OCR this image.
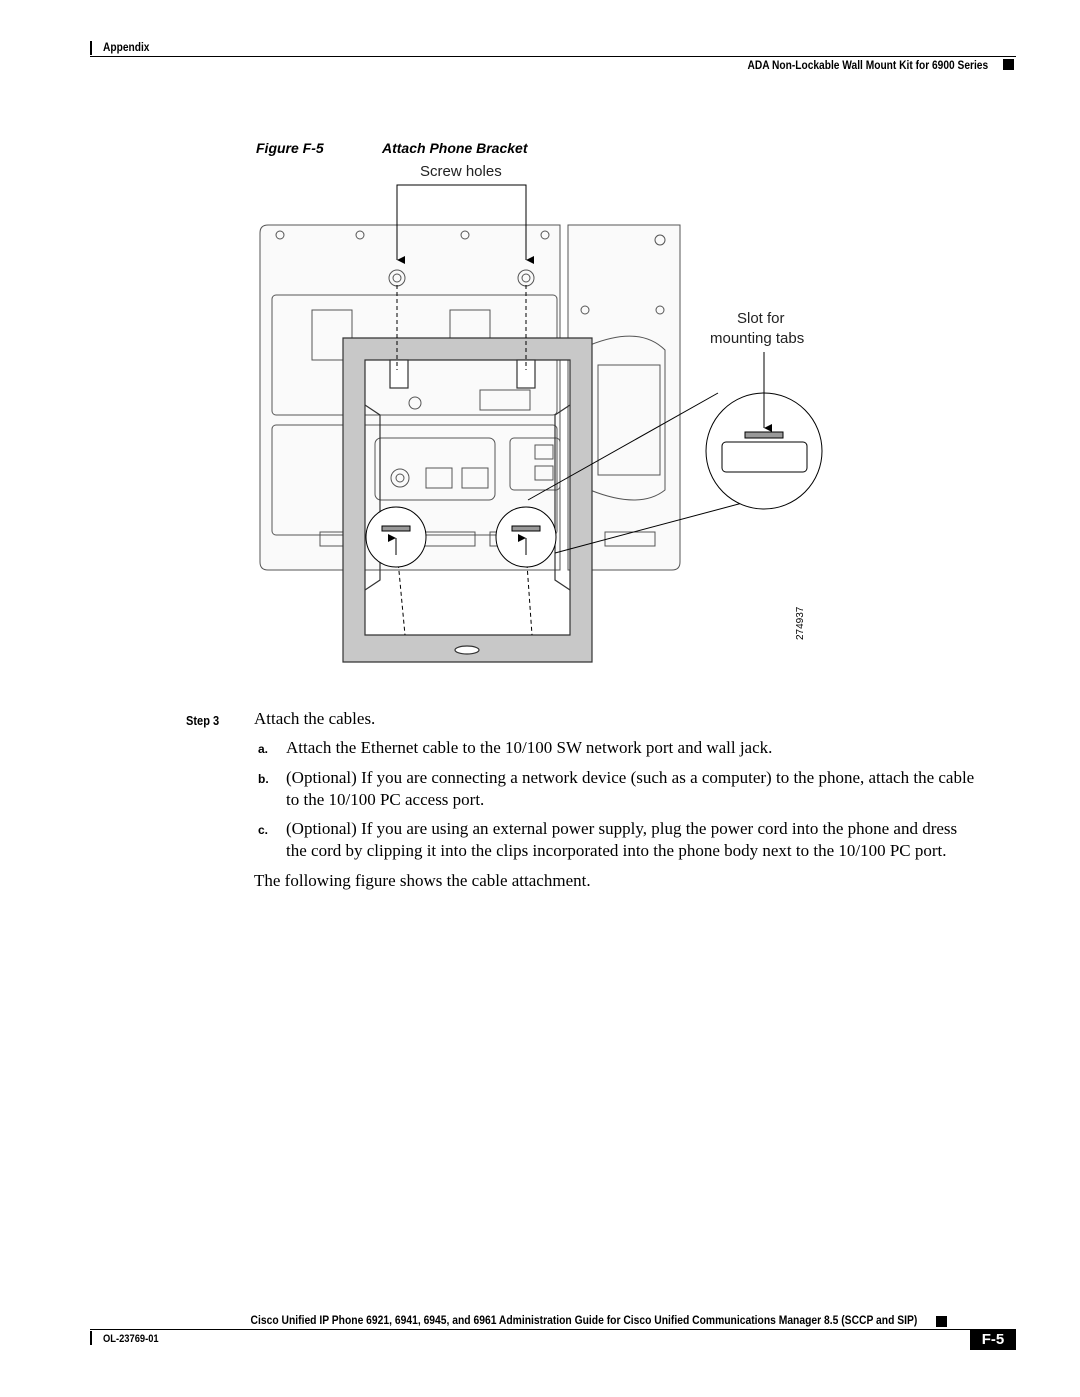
Appendix
ADA Non-Lockable Wall Mount Kit for 6900 Series
Figure F-5	Attach Phone Bracket
Screw holes
Slot for
mounting tabs
274937
Step 3 Attach the cables.
a. Attach the Ethernet cable to the 10/100 SW network port and wall jack.
b. (Optional) If you are connecting a network device (such as a computer) to the phone, attach the cable
to the 10/100 PC access port.
c. (Optional) If you are using an external power supply, plug the power cord into the phone and dress
the cord by clipping it into the clips incorporated into the phone body next to the 10/100 PC port.
The following figure shows the cable attachment.
Cisco Unified IP Phone 6921, 6941, 6945, and 6961 Administration Guide for Cisco Unified Communications Manager 8.5 (SCCP and SIP)
OL-23769-01	F-5
